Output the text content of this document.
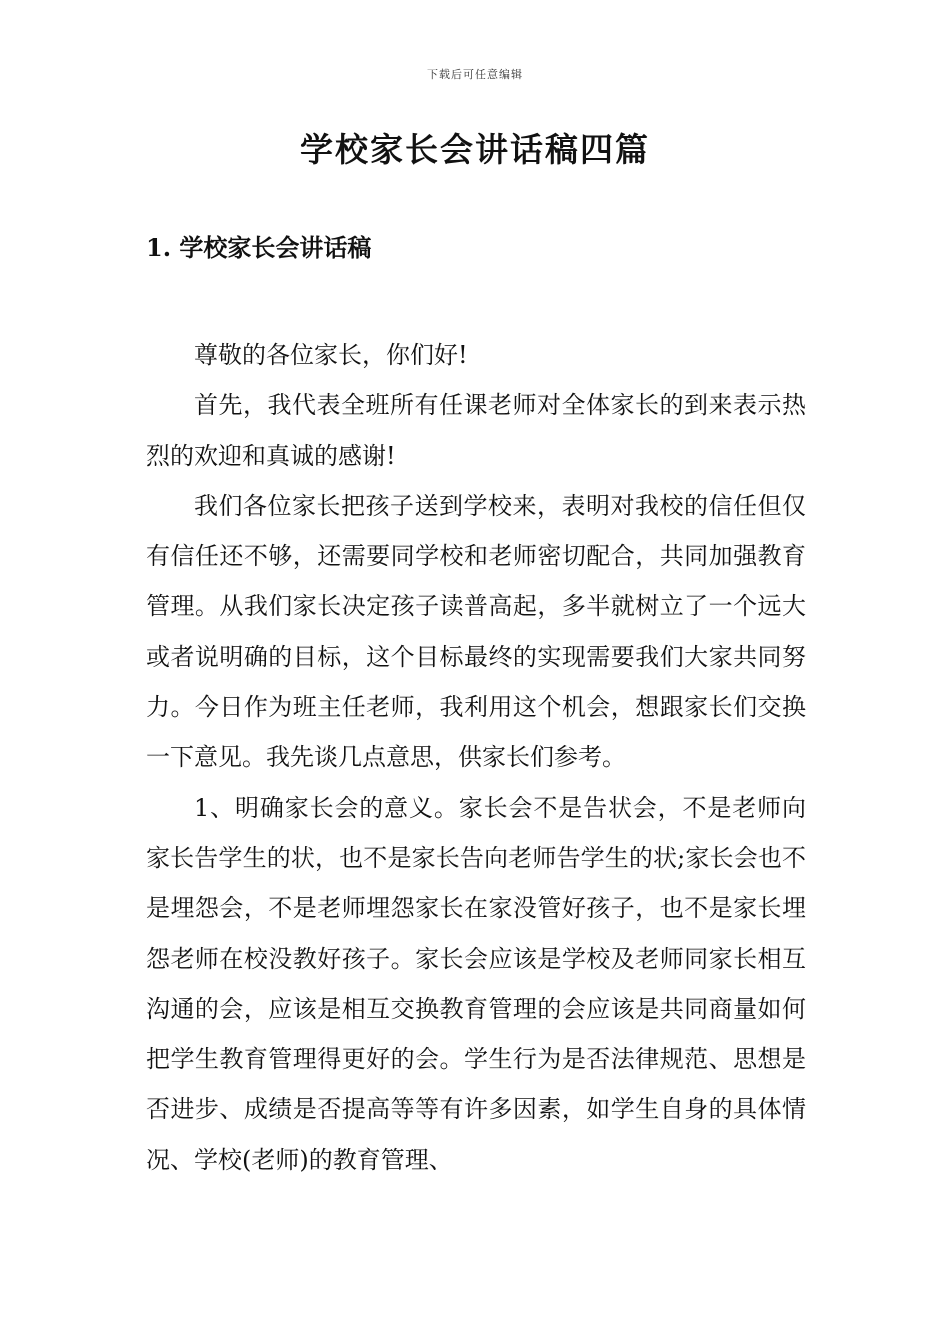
下载后可任意编辑
学校家长会讲话稿四篇
1. 学校家长会讲话稿

尊敬的各位家长，你们好!

首先，我代表全班所有任课老师对全体家长的到来表示热烈的欢迎和真诚的感谢!

我们各位家长把孩子送到学校来，表明对我校的信任但仅有信任还不够，还需要同学校和老师密切配合，共同加强教育管理。从我们家长决定孩子读普高起，多半就树立了一个远大或者说明确的目标，这个目标最终的实现需要我们大家共同努力。今日作为班主任老师，我利用这个机会，想跟家长们交换一下意见。我先谈几点意思，供家长们参考。

1、明确家长会的意义。家长会不是告状会，不是老师向家长告学生的状，也不是家长告向老师告学生的状;家长会也不是埋怨会，不是老师埋怨家长在家没管好孩子，也不是家长埋怨老师在校没教好孩子。家长会应该是学校及老师同家长相互沟通的会，应该是相互交换教育管理的会应该是共同商量如何把学生教育管理得更好的会。学生行为是否法律规范、思想是否进步、成绩是否提高等等有许多因素，如学生自身的具体情况、学校(老师)的教育管理、
